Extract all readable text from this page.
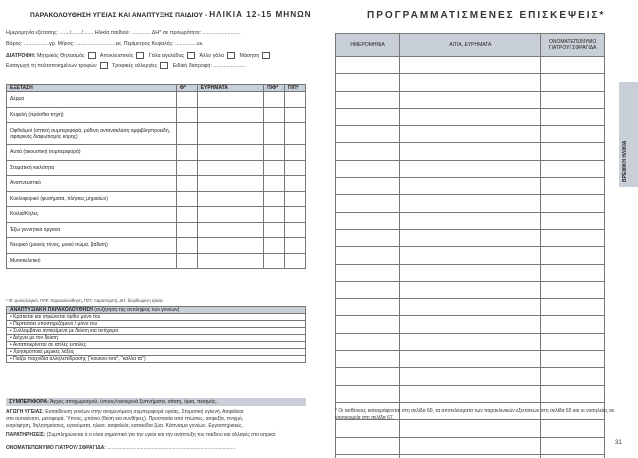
ΠΑΡΑΚΟΛΟΥΘΗΣΗ ΥΓΕΙΑΣ ΚΑΙ ΑΝΑΠΤΥΞΗΣ ΠΑΙΔΙΟΥ - ΗΛΙΚΙΑ 12-15 ΜΗΝΩΝ
Ημερομηνία εξέτασης: ......./......./....... Ηλικία παιδιού: ............. ΔΗ* σε προωρότητα: ..........................
Βάρος: .................γρ. Μήκος: ...........................εκ. Περίμετρος Κεφαλής: ...............εκ.
ΔΙΑΤΡΟΦΗ: Μητρικός Θηλασμός	Αποκλειστικός	Γάλα αγελάδας	Άλλο γάλα	Μάσηση
Εισαγωγή τη πολτοποιημένων τροφών	Τροφικές αλλεργίες	Ειδική διατροφή: ......................
ΕΞΕΤΑΣΗ	Φ*	ΕΥΡΗΜΑΤΑ	Π/Φ*	Π/Π*
Δέρμα				
Κεφαλή (πρόσθια πηγή)				
Οφθαλμοί (οπτική συμπεριφορά, ρόδινη αντανάκλαση αμφιβληστροειδή, σφαιρικός διαφωτισμός κόρης)				
Αυτιά (ακουστική συμπεριφορά)				
Στοματική κοιλότητα				
Αναπνευστικό				
Κυκλοφορικό (φυσήματα, πλήσεις μηριαίων)				
Κοιλιά/Κήλες				
Έξω γεννητικά όργανα				
Νευρικό (μυικός τόνος, μυικό σώμα, βάδιση)				
Μυοσκελετικό				
* Φ: φυσιολογικό, Π/Φ: παρακολούθηση, Π/Π: παραπομπή, ΔΗ: διορθωμένη ηλικία
ΑΝΑΠΤΥΞΙΑΚΗ ΠΑΡΑΚΟΛΟΥΘΗΣΗ (συζήτηση της αντιλήψεις των γονέων)
• Κρατιέται και σηκώνεται όρθιο μόνο του
• Περπατάει υποστηριζόμενο / μόνο του
• Συλλαμβάνει αντικείμενα με δείκτη και αντίχειρα
• Δείχνει με τον δείκτη
• Ανταποκρίνεται σε απλές εντολές
• Χρησιμοποιεί μερικές λέξεις
• Παίζει παιχνίδια αλληλεπίδρασης ("κουκου-τσα", "κάλλα τα")
ΣΥΜΠΕΡΙΦΟΡΑ: Άγχος αποχωρισμού, ύπνος/νυκτερινά ξυπνήματα, σίτιση, όρια, πεισμός.
ΑΓΩΓΗ ΥΓΕΙΑΣ: Εκπαίδευση γονέων στην αναμενόμενη συμπεριφορά υγείας. Στοματική υγιεινή. Ασφάλεια
στο αυτοκίνητο, μεταφορά. Ύπνος, μπάνιο (θέση και συνθήκες). Προστασία από πτώσεις, ασφυξία, πνιγμό,
εισρόφηση, δηλητηριάσεις, εγκαύματα, ηλεκτ. ασφαλεία, κατοικίδια ζώα. Κάπνισμα γονέων. Εργαστηριακές.
ΠΑΡΑΤΗΡΗΣΕΙΣ: (Συμπληρώνεται ό,τι είναι σημαντικό για την υγεία και την ανάπτυξη του παιδιού και αλλαγές στο ιατρικό
ΟΝΟΜΑΤΕΠΩΝΥΜΟ ΓΙΑΤΡΟΥ/ ΣΦΡΑΓΙΔΑ: ............................................................................................
ΠΡΟΓΡΑΜΜΑΤΙΣΜΕΝΕΣ ΕΠΙΣΚΕΨΕΙΣ*
ΗΜΕΡΟΜΗΝΙΑ	ΑΙΤΙΑ, ΕΥΡΗΜΑΤΑ	ΟΝΟΜΑΤΕΠΩΝΥΜΟ ΓΙΑΤΡΟΥ/ ΣΦΡΑΓΙΔΑ

ΒΡΕΦΙΚΗ ΗΛΙΚΙΑ
* Οι ασθένειες καταγράφονται στη σελίδα 60, τα αποτελέσματα των παρακλινικών εξετάσεων στη σελίδα 65 και οι νοσηλείες σε νοσοκομεία στη σελίδα 67.
31
